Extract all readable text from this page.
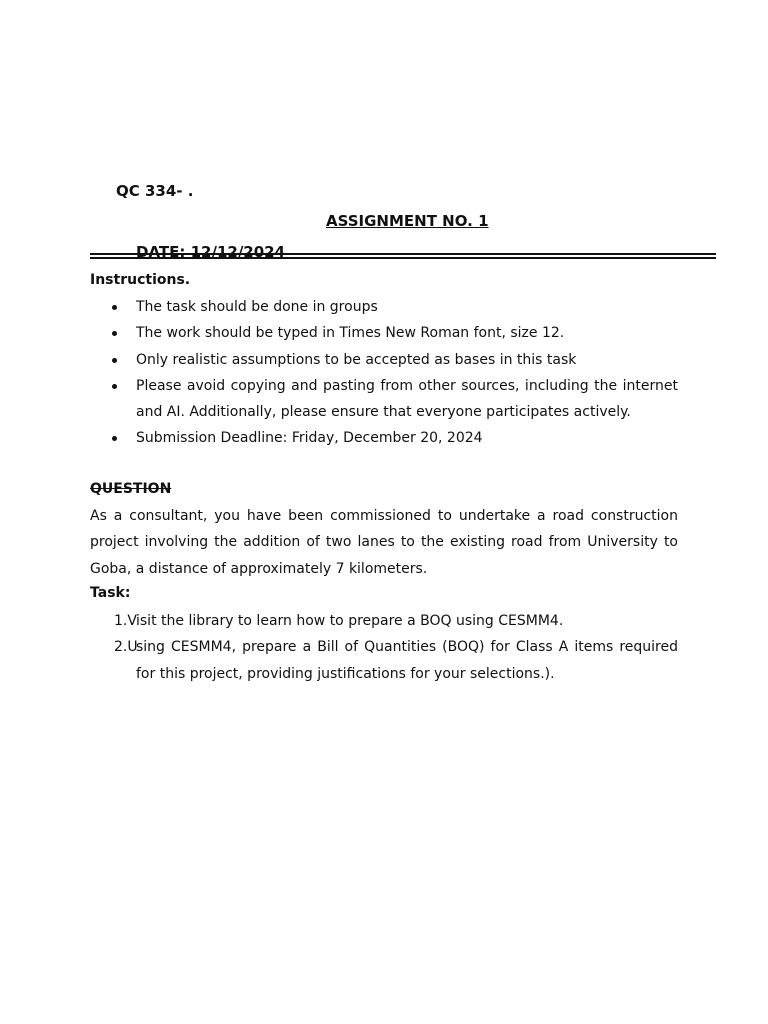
QC 334- .
ASSIGNMENT NO. 1
DATE: 12/12/2024
Instructions.
The task should be done in groups
The work should be typed in Times New Roman font, size 12.
Only realistic assumptions to be accepted as bases in this task
Please avoid copying and pasting from other sources, including the internet and AI. Additionally, please ensure that everyone participates actively.
Submission Deadline: Friday, December 20, 2024
QUESTION

As a consultant, you have been commissioned to undertake a road construction project involving the addition of two lanes to the existing road from University to Goba, a distance of approximately 7 kilometers.

Task:
1.V isit the library to learn how to prepare a BOQ using CESMM4.
2.U
sing CESMM4, prepare a Bill of Quantities (BOQ) for Class A items required for this project, providing justifications for your selections.).
